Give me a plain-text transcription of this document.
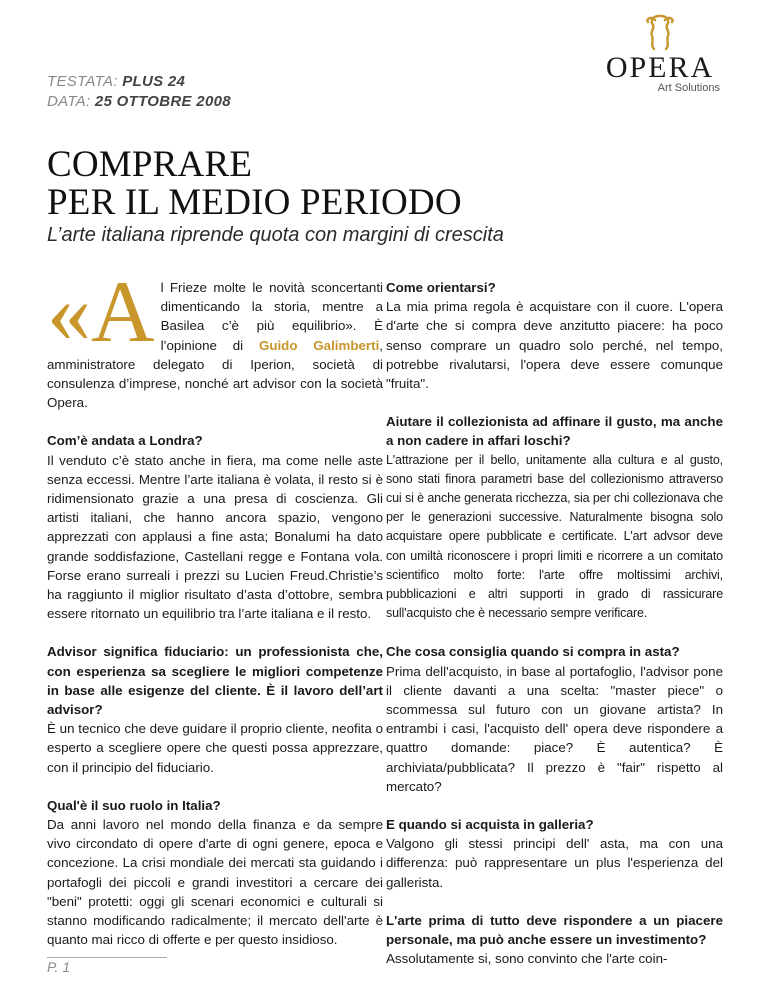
TESTATA: PLUS 24
DATA: 25 OTTOBRE 2008
OPERA
Art Solutions
COMPRARE
PER IL MEDIO PERIODO
L’arte italiana riprende quota con margini di crescita

«Al Frieze molte le novità sconcertanti dimenticando la storia, mentre a Basilea c’è più equilibrio». È l’opinione di Guido Galimberti, amministratore delegato di Iperion, società di consulenza d’imprese, nonché art advisor con la società Opera.

Com’è andata a Londra?

Il venduto c’è stato anche in fiera, ma come nelle aste senza eccessi. Mentre l’arte italiana è volata, il resto si è ridimensionato grazie a una presa di coscienza. Gli artisti italiani, che hanno ancora spazio, vengono apprezzati con applausi a fine asta; Bonalumi ha dato grande soddisfazione, Castellani regge e Fontana vola. Forse erano surreali i prezzi su Lucien Freud.Christie’s ha raggiunto il miglior risultato d’asta d’ottobre, sembra essere ritornato un equilibrio tra l’arte italiana e il resto.

Advisor significa fiduciario: un professionista che, con esperienza sa scegliere le migliori competenze in base alle esigenze del cliente. È il lavoro dell’art advisor?

È un tecnico che deve guidare il proprio cliente, neofita o esperto a scegliere opere che questi possa apprezzare, con il principio del fiduciario.

Qual'è il suo ruolo in Italia?

Da anni lavoro nel mondo della finanza e da sempre vivo circondato di opere d'arte di ogni genere, epoca e concezione. La crisi mondiale dei mercati sta guidando i portafogli dei piccoli e grandi investitori a cercare dei "beni" protetti: oggi gli scenari economici e culturali si stanno modificando radicalmente; il mercato dell'arte è quanto mai ricco di offerte e per questo insidioso.

Come orientarsi?

La mia prima regola è acquistare con il cuore. L'opera d'arte che si compra deve anzitutto piacere: ha poco senso comprare un quadro solo perché, nel tempo, potrebbe rivalutarsi, l'opera deve essere comunque "fruita".

Aiutare il collezionista ad affinare il gusto, ma anche a non cadere in affari loschi?

L'attrazione per il bello, unitamente alla cultura e al gusto, sono stati finora parametri base del collezionismo attraverso cui si è anche generata ricchezza, sia per chi collezionava che per le generazioni successive. Naturalmente bisogna solo acquistare opere pubblicate e certificate. L'art advsor deve con umiltà riconoscere i propri limiti e ricorrere a un comitato scientifico molto forte: l'arte offre moltissimi archivi, pubblicazioni e altri supporti in grado di rassicurare sull'acquisto che è necessario sempre verificare.

Che cosa consiglia quando si compra in asta?

Prima dell'acquisto, in base al portafoglio, l'advisor pone il cliente davanti a una scelta: "master piece" o scommessa sul futuro con un giovane artista? In entrambi i casi, l'acquisto dell' opera deve rispondere a quattro domande: piace? È autentica? È archiviata/pubblicata? Il prezzo è "fair" rispetto al mercato?

E quando si acquista in galleria?

Valgono gli stessi principi dell' asta, ma con una differenza: può rappresentare un plus l'esperienza del gallerista.

L'arte prima di tutto deve rispondere a un piacere personale, ma può anche essere un investimento?

Assolutamente si, sono convinto che l'arte coin-

P. 1
